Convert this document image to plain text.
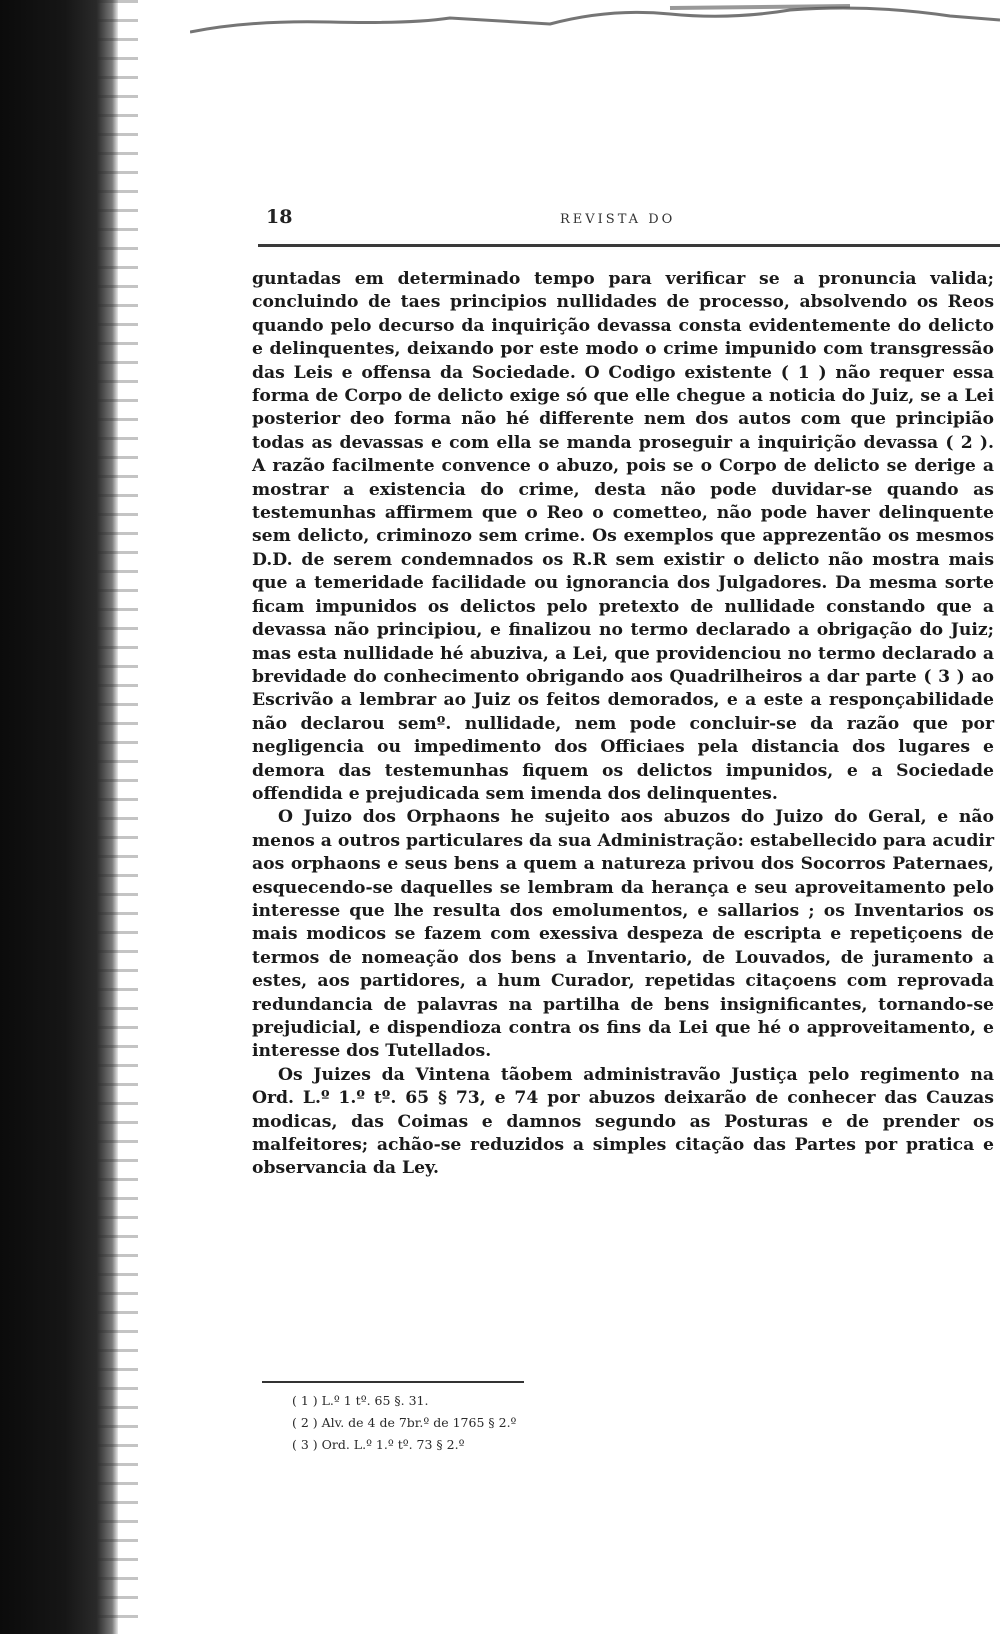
18	REVISTA DO

guntadas em determinado tempo para verificar se a pronuncia valida; concluindo de taes principios nullidades de processo, absolvendo os Reos quando pelo decurso da inquirição devassa consta evidentemente do delicto e delinquentes, deixando por este modo o crime impunido com transgressão das Leis e offensa da Sociedade. O Codigo existente ( 1 ) não requer essa forma de Corpo de delicto exige só que elle chegue a noticia do Juiz, se a Lei posterior deo forma não hé differente nem dos autos com que principião todas as devassas e com ella se manda proseguir a inquirição devassa ( 2 ). A razão facilmente convence o abuzo, pois se o Corpo de delicto se derige a mostrar a existencia do crime, desta não pode duvidar-se quando as testemunhas affirmem que o Reo o cometteo, não pode haver delinquente sem delicto, criminozo sem crime. Os exemplos que apprezentão os mesmos D.D. de serem condemnados os R.R sem existir o delicto não mostra mais que a temeridade facilidade ou ignorancia dos Julgadores. Da mesma sorte ficam impunidos os delictos pelo pretexto de nullidade constando que a devassa não principiou, e finalizou no termo declarado a obrigação do Juiz; mas esta nullidade hé abuziva, a Lei, que providenciou no termo declarado a brevidade do conhecimento obrigando aos Quadrilheiros a dar parte ( 3 ) ao Escrivão a lembrar ao Juiz os feitos demorados, e a este a responçabilidade não declarou semº. nullidade, nem pode concluir-se da razão que por negligencia ou impedimento dos Officiaes pela distancia dos lugares e demora das testemunhas fiquem os delictos impunidos, e a Sociedade offendida e prejudicada sem imenda dos delinquentes.

O Juizo dos Orphaons he sujeito aos abuzos do Juizo do Geral, e não menos a outros particulares da sua Administração: estabellecido para acudir aos orphaons e seus bens a quem a natureza privou dos Socorros Paternaes, esquecendo-se daquelles se lembram da herança e seu aproveitamento pelo interesse que lhe resulta dos emolumentos, e sallarios ; os Inventarios os mais modicos se fazem com exessiva despeza de escripta e repetiçoens de termos de nomeação dos bens a Inventario, de Louvados, de juramento a estes, aos partidores, a hum Curador, repetidas citaçoens com reprovada redundancia de palavras na partilha de bens insignificantes, tornando-se prejudicial, e dispendioza contra os fins da Lei que hé o approveitamento, e interesse dos Tutellados.

Os Juizes da Vintena tãobem administravão Justiça pelo regimento na Ord. L.º 1.º tº. 65 § 73, e 74 por abuzos deixarão de conhecer das Cauzas modicas, das Coimas e damnos segundo as Posturas e de prender os malfeitores; achão-se reduzidos a simples citação das Partes por pratica e observancia da Ley.

( 1 ) L.º 1 tº. 65 §. 31.
( 2 ) Alv. de 4 de 7br.º de 1765 § 2.º
( 3 ) Ord. L.º 1.º tº. 73 § 2.º
